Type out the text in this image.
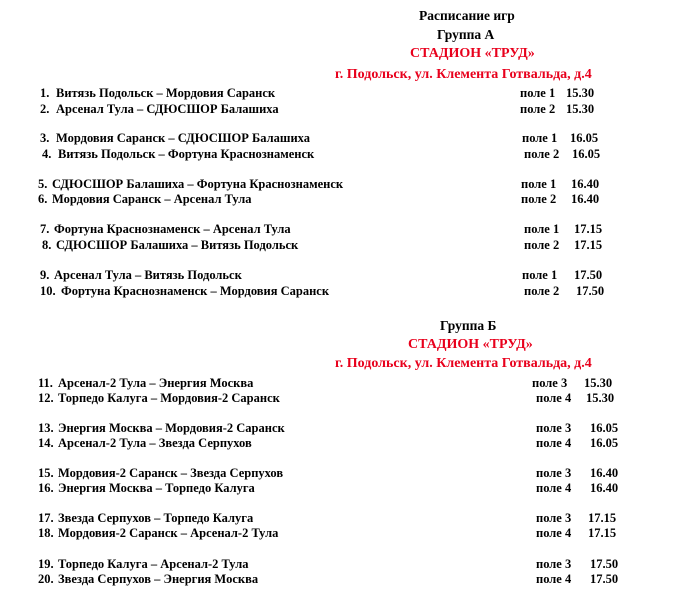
Расписание игр
Группа А
СТАДИОН «ТРУД»
г. Подольск, ул. Клемента Готвальда, д.4
1. Витязь Подольск – Мордовия Саранск	поле 1 15.30
2. Арсенал Тула – СДЮСШОР Балашиха	поле 2 15.30
3. Мордовия Саранск – СДЮСШОР Балашиха	поле 1 16.05
4. Витязь Подольск – Фортуна Краснознаменск	поле 2 16.05
5. СДЮСШОР Балашиха – Фортуна Краснознаменск	поле 1 16.40
6. Мордовия Саранск – Арсенал Тула	поле 2 16.40
7. Фортуна Краснознаменск – Арсенал Тула	поле 1 17.15
8. СДЮСШОР Балашиха – Витязь Подольск	поле 2 17.15
9. Арсенал Тула – Витязь Подольск	поле 1 17.50
10. Фортуна Краснознаменск – Мордовия Саранск	поле 2 17.50
Группа Б
СТАДИОН «ТРУД»
г. Подольск, ул. Клемента Готвальда, д.4
11. Арсенал-2 Тула – Энергия Москва	поле 3 15.30
12. Торпедо Калуга – Мордовия-2 Саранск	поле 4 15.30
13. Энергия Москва – Мордовия-2 Саранск	поле 3 16.05
14. Арсенал-2 Тула – Звезда Серпухов	поле 4 16.05
15. Мордовия-2 Саранск – Звезда Серпухов	поле 3 16.40
16. Энергия Москва – Торпедо Калуга	поле 4 16.40
17. Звезда Серпухов – Торпедо Калуга	поле 3 17.15
18. Мордовия-2 Саранск – Арсенал-2 Тула	поле 4 17.15
19. Торпедо Калуга – Арсенал-2 Тула	поле 3 17.50
20. Звезда Серпухов – Энергия Москва	поле 4 17.50
